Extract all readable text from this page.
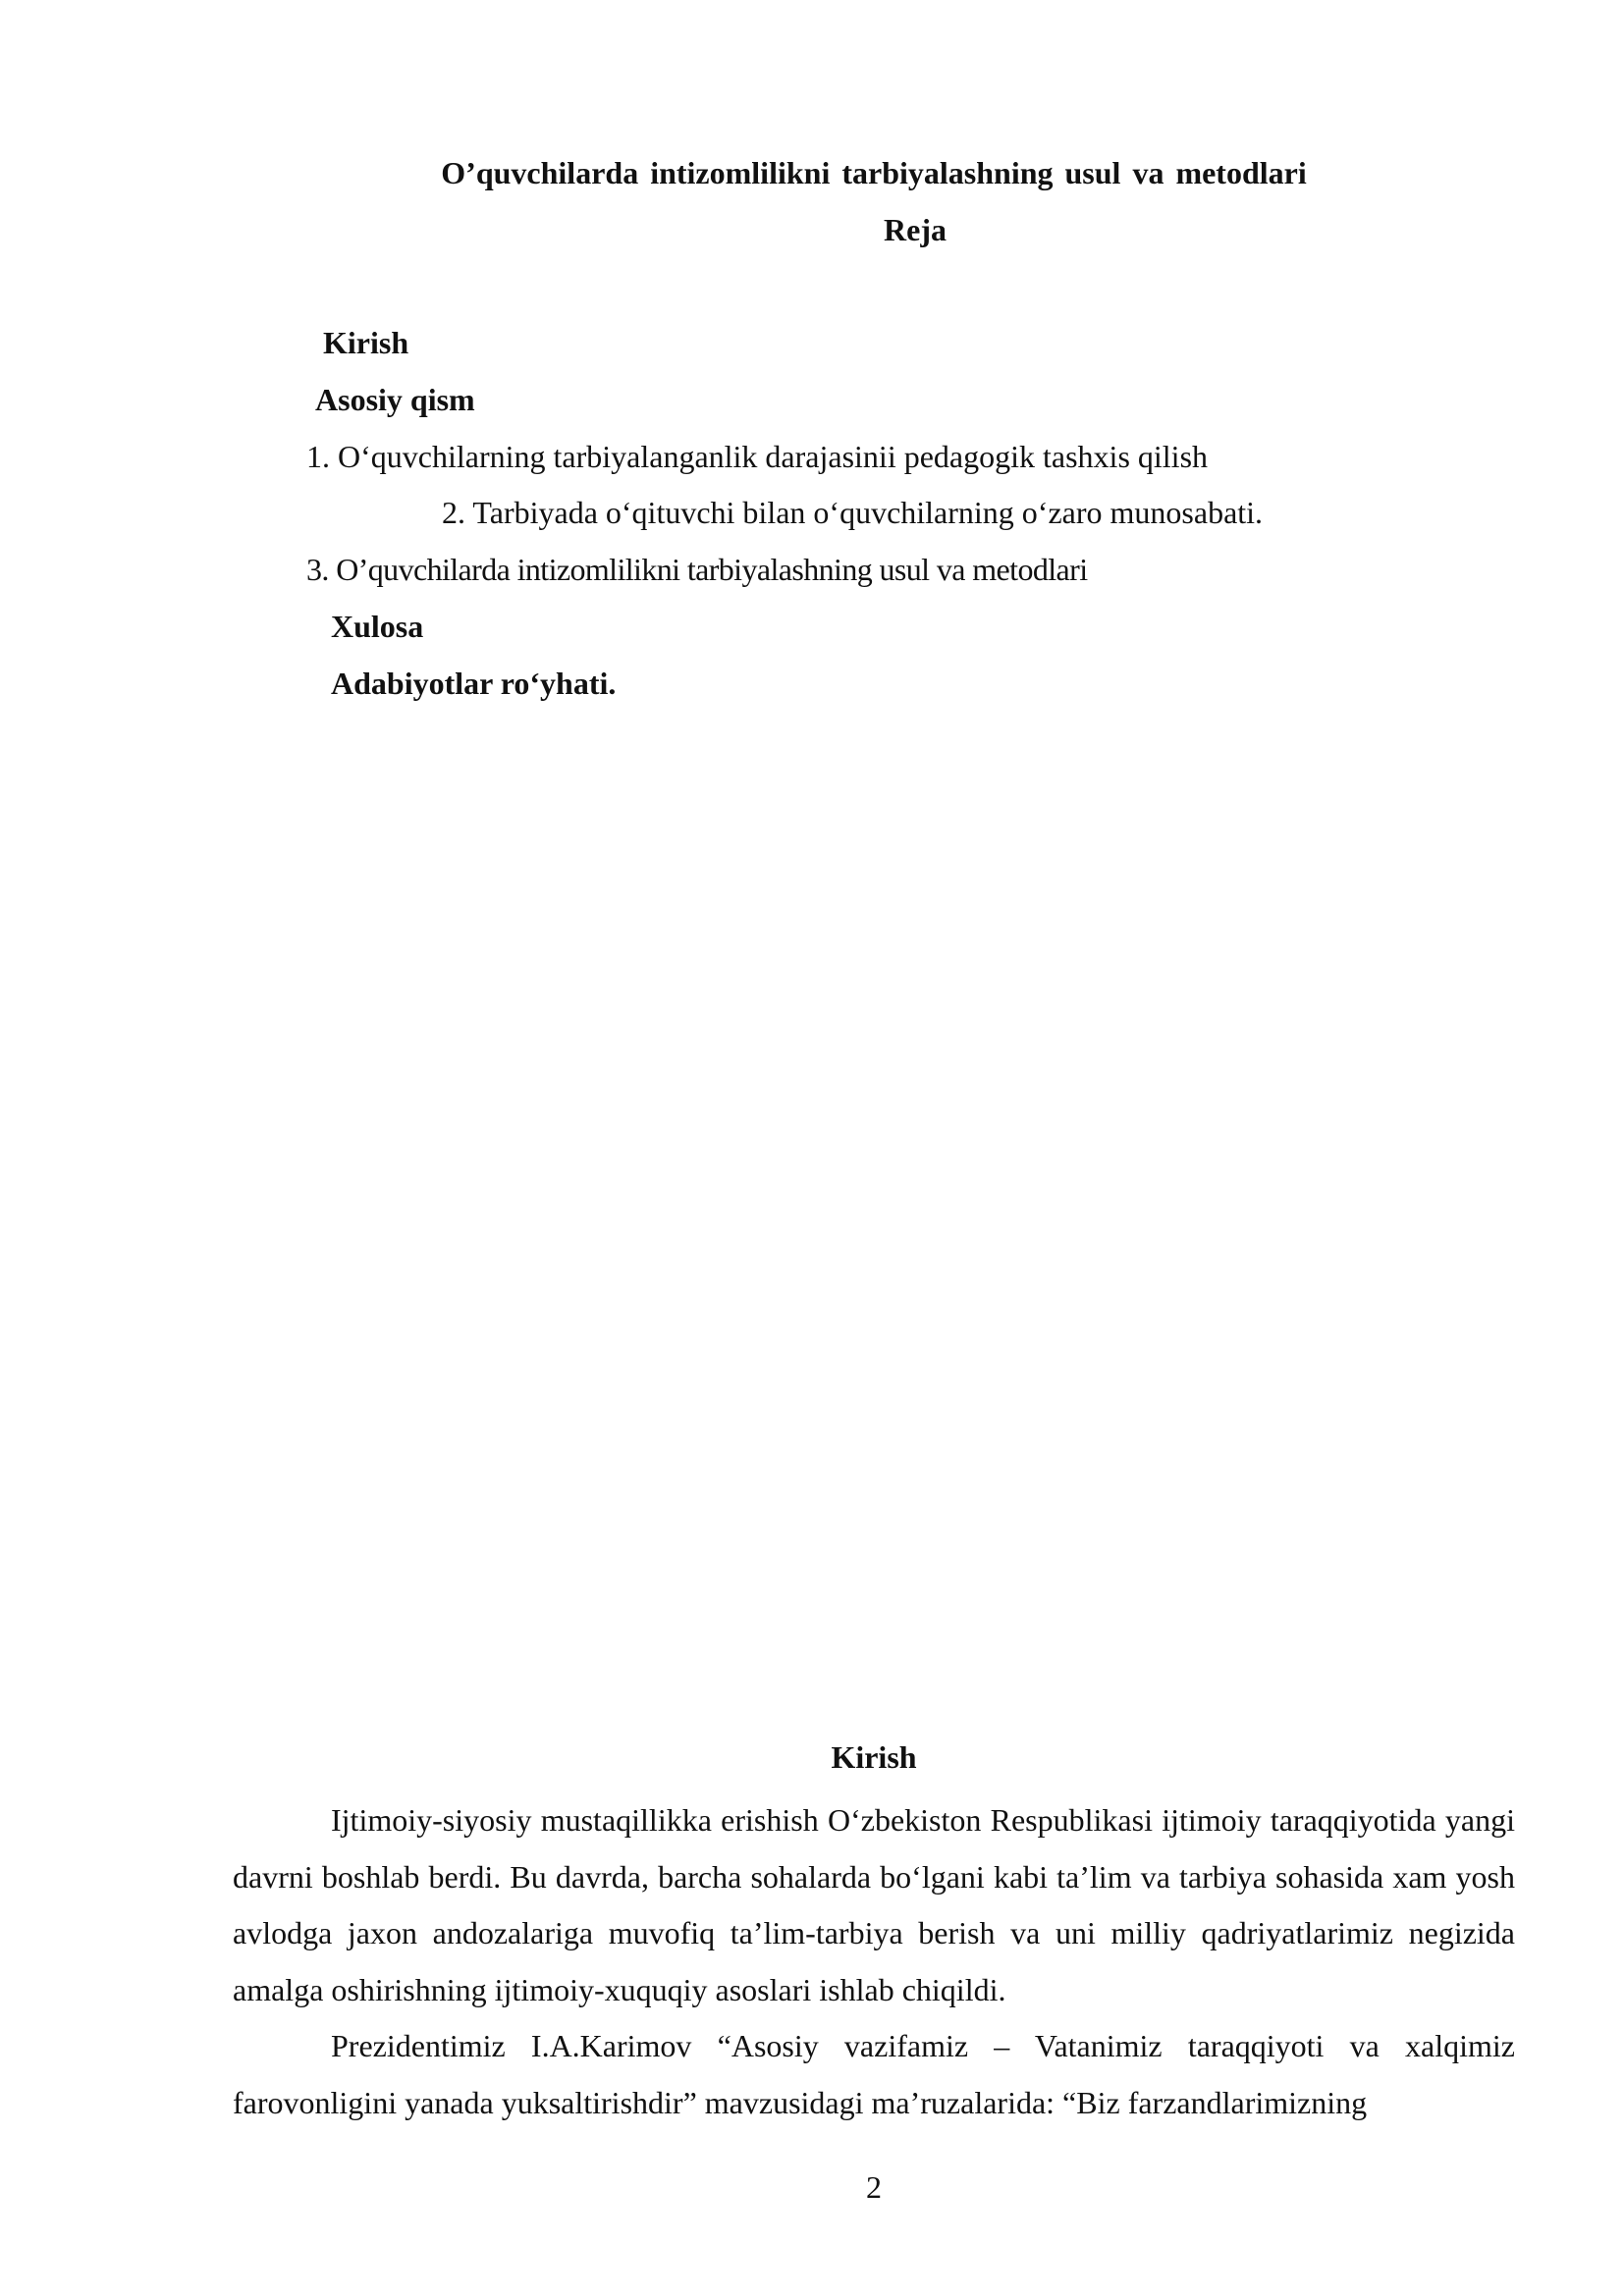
O’quvchilarda intizomlilikni tarbiyalashning usul va metodlari
Reja
Kirish
Asosiy qism
1. O‘quvchilarning tarbiyalanganlik darajasinii pedagogik tashxis qilish
2. Tarbiyada o‘qituvchi bilan o‘quvchilarning o‘zaro munosabati.
3. O’quvchilarda intizomlilikni tarbiyalashning usul va metodlari
Xulosa
Adabiyotlar ro‘yhati.
Kirish
Ijtimoiy-siyosiy mustaqillikka erishish O‘zbekiston Respublikasi ijtimoiy taraqqiyotida yangi davrni boshlab berdi. Bu davrda, barcha sohalarda bo‘lgani kabi ta’lim va tarbiya sohasida xam yosh avlodga jaxon andozalariga muvofiq ta’lim-tarbiya berish va uni milliy qadriyatlarimiz negizida amalga oshirishning ijtimoiy-xuquqiy asoslari ishlab chiqildi.
Prezidentimiz I.A.Karimov “Asosiy vazifamiz – Vatanimiz taraqqiyoti va xalqimiz farovonligini yanada yuksaltirishdir” mavzusidagi ma’ruzalarida: “Biz farzandlarimizning
2
